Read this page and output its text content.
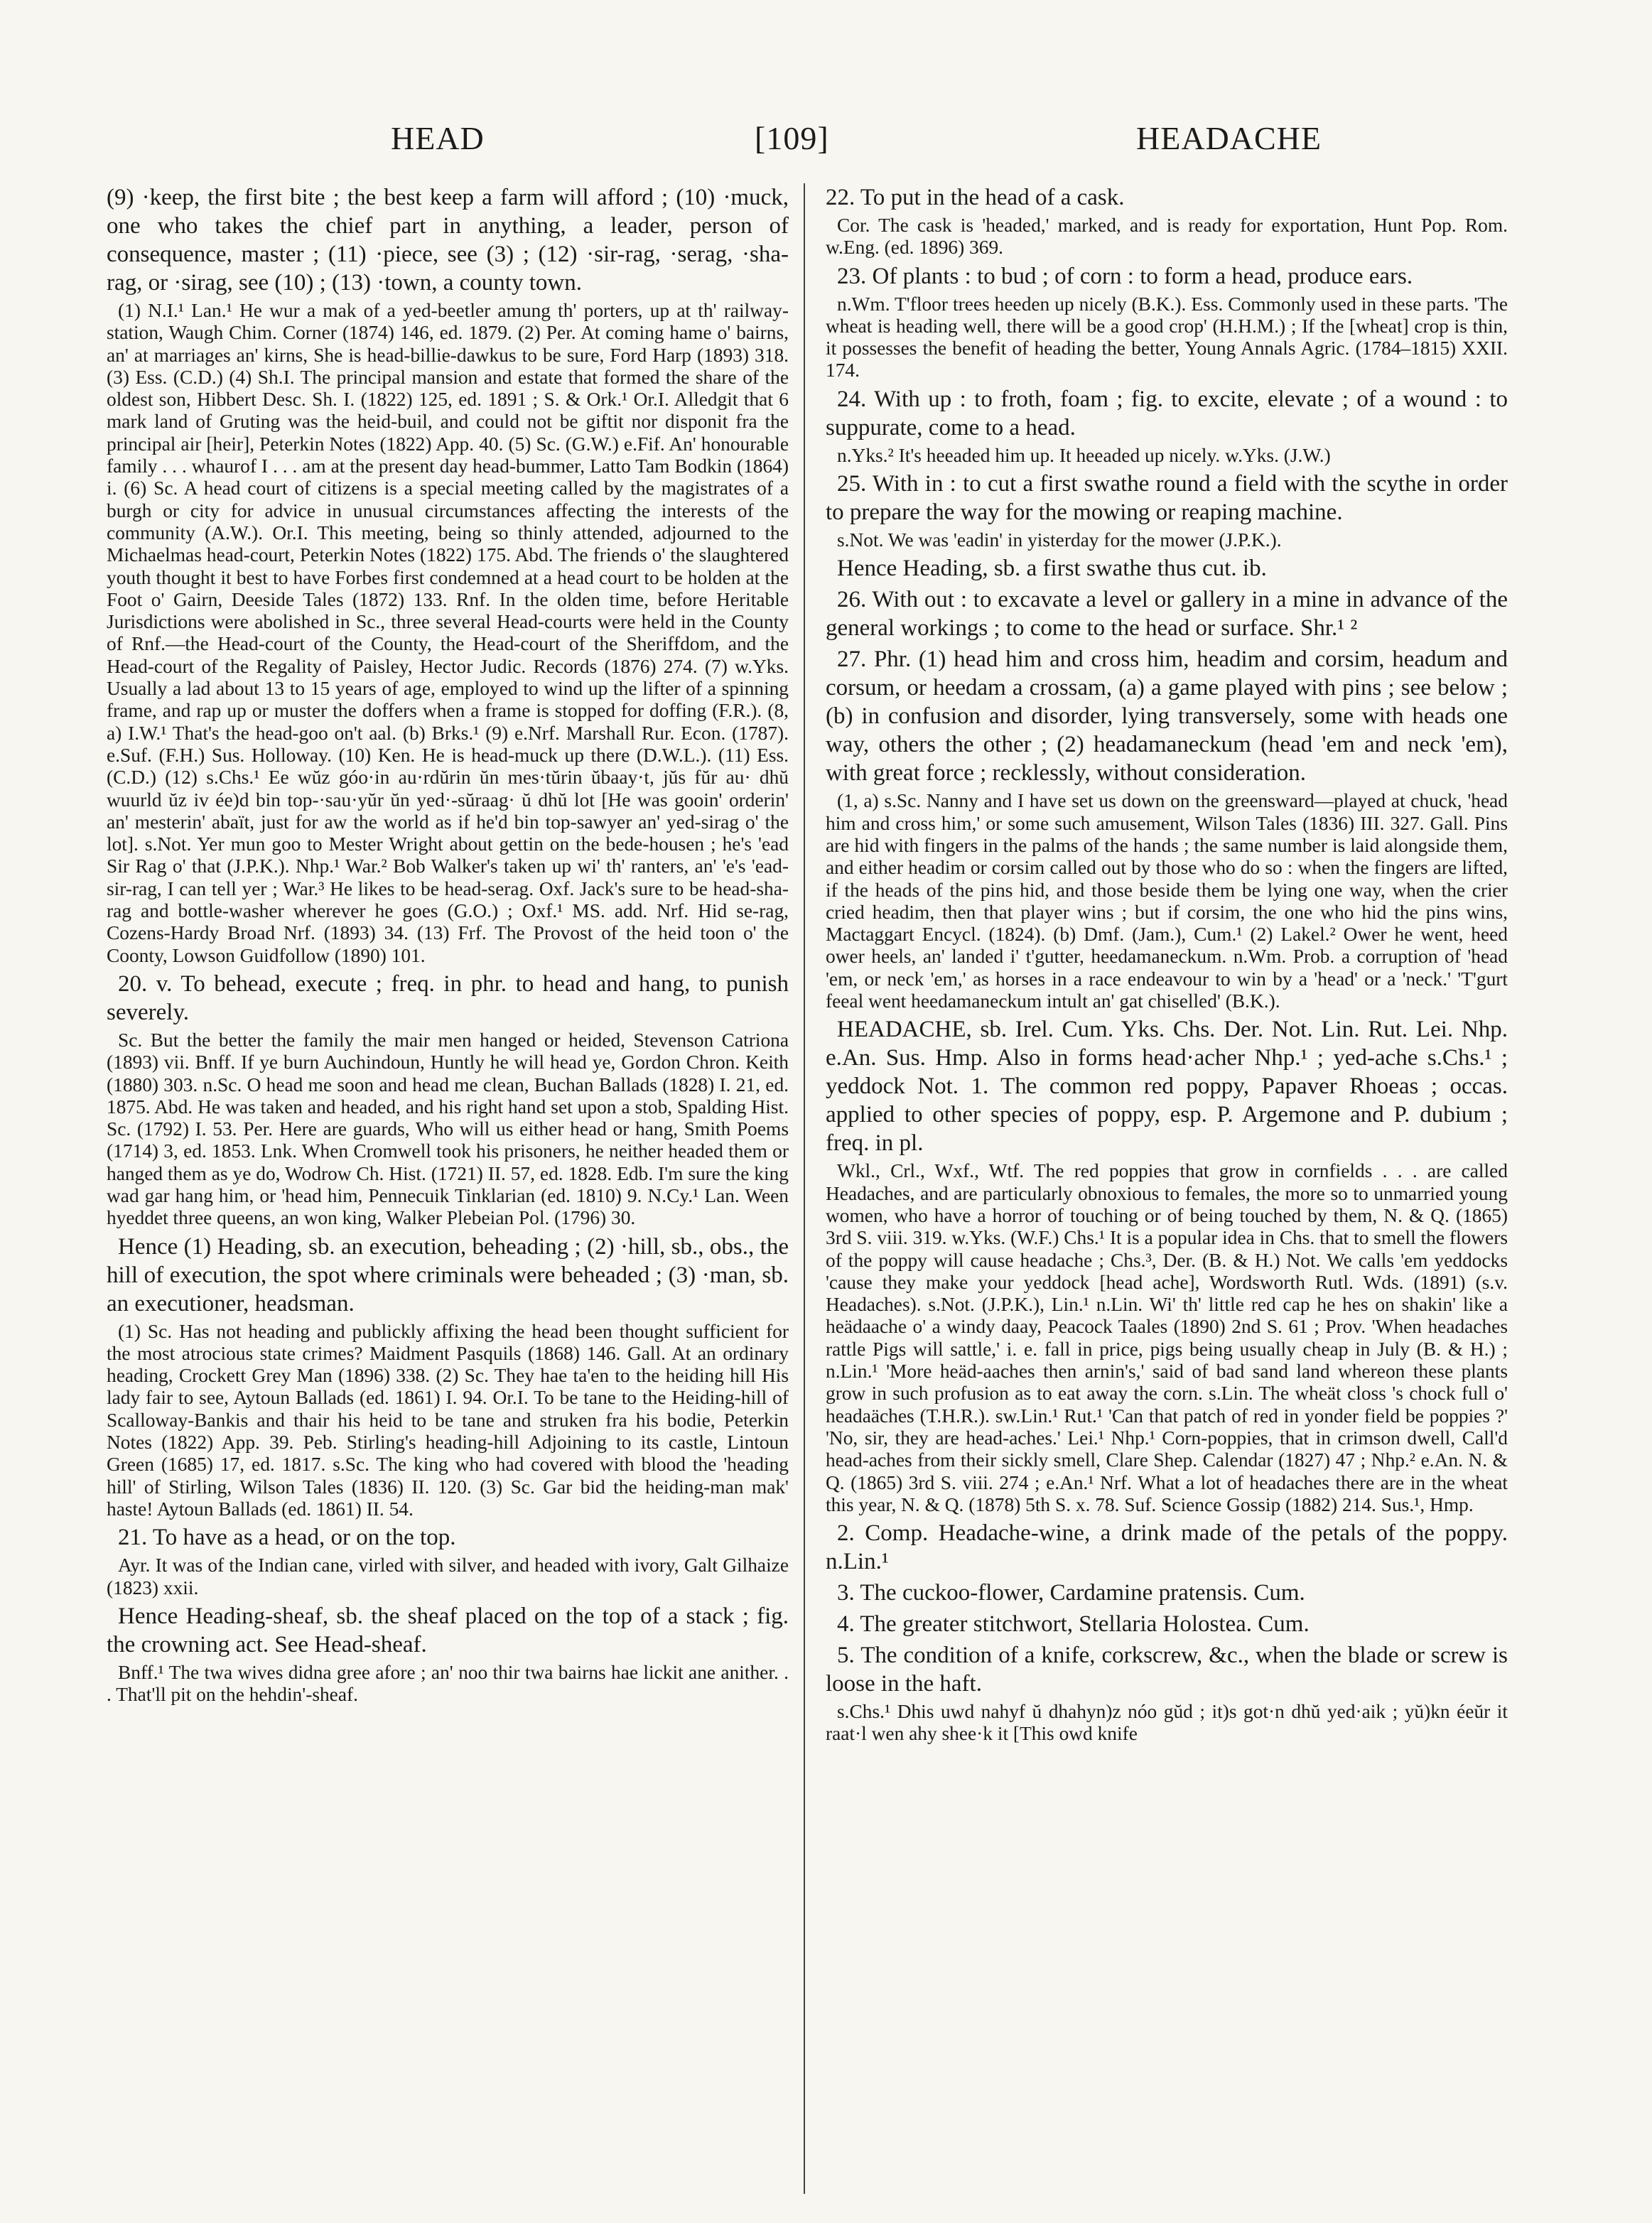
HEAD	[109]	HEADACHE

(9) ·keep, the first bite ; the best keep a farm will afford ; (10) ·muck, one who takes the chief part in anything, a leader, person of consequence, master ; (11) ·piece, see (3) ; (12) ·sir-rag, ·serag, ·sha-rag, or ·sirag, see (10) ; (13) ·town, a county town.

(1) N.I.¹ Lan.¹ He wur a mak of a yed-beetler amung th' porters, up at th' railway-station, Waugh Chim. Corner (1874) 146, ed. 1879. (2) Per. At coming hame o' bairns, an' at marriages an' kirns, She is head-billie-dawkus to be sure, Ford Harp (1893) 318. (3) Ess. (C.D.) (4) Sh.I. The principal mansion and estate that formed the share of the oldest son, Hibbert Desc. Sh. I. (1822) 125, ed. 1891 ; S. & Ork.¹ Or.I. Alledgit that 6 mark land of Gruting was the heid-buil, and could not be giftit nor disponit fra the principal air [heir], Peterkin Notes (1822) App. 40. (5) Sc. (G.W.) e.Fif. An' honourable family . . . whaurof I . . . am at the present day head-bummer, Latto Tam Bodkin (1864) i. (6) Sc. A head court of citizens is a special meeting called by the magistrates of a burgh or city for advice in unusual circumstances affecting the interests of the community (A.W.). Or.I. This meeting, being so thinly attended, adjourned to the Michaelmas head-court, Peterkin Notes (1822) 175. Abd. The friends o' the slaughtered youth thought it best to have Forbes first condemned at a head court to be holden at the Foot o' Gairn, Deeside Tales (1872) 133. Rnf. In the olden time, before Heritable Jurisdictions were abolished in Sc., three several Head-courts were held in the County of Rnf.—the Head-court of the County, the Head-court of the Sheriffdom, and the Head-court of the Regality of Paisley, Hector Judic. Records (1876) 274. (7) w.Yks. Usually a lad about 13 to 15 years of age, employed to wind up the lifter of a spinning frame, and rap up or muster the doffers when a frame is stopped for doffing (F.R.). (8, a) I.W.¹ That's the head-goo on't aal. (b) Brks.¹ (9) e.Nrf. Marshall Rur. Econ. (1787). e.Suf. (F.H.) Sus. Holloway. (10) Ken. He is head-muck up there (D.W.L.). (11) Ess. (C.D.) (12) s.Chs.¹ Ee wŭz góo·in au·rdŭrin ŭn mes·tŭrin ŭbaay·t, jŭs fŭr au· dhŭ wuurld ŭz iv ée)d bin top-·sau·yŭr ŭn yed·-sŭraag· ŭ dhŭ lot [He was gooin' orderin' an' mesterin' abaït, just for aw the world as if he'd bin top-sawyer an' yed-sirag o' the lot]. s.Not. Yer mun goo to Mester Wright about gettin on the bede-housen ; he's 'ead Sir Rag o' that (J.P.K.). Nhp.¹ War.² Bob Walker's taken up wi' th' ranters, an' 'e's 'ead-sir-rag, I can tell yer ; War.³ He likes to be head-serag. Oxf. Jack's sure to be head-sha-rag and bottle-washer wherever he goes (G.O.) ; Oxf.¹ MS. add. Nrf. Hid se-rag, Cozens-Hardy Broad Nrf. (1893) 34. (13) Frf. The Provost of the heid toon o' the Coonty, Lowson Guidfollow (1890) 101.

20. v. To behead, execute ; freq. in phr. to head and hang, to punish severely.

Sc. But the better the family the mair men hanged or heided, Stevenson Catriona (1893) vii. Bnff. If ye burn Auchindoun, Huntly he will head ye, Gordon Chron. Keith (1880) 303. n.Sc. O head me soon and head me clean, Buchan Ballads (1828) I. 21, ed. 1875. Abd. He was taken and headed, and his right hand set upon a stob, Spalding Hist. Sc. (1792) I. 53. Per. Here are guards, Who will us either head or hang, Smith Poems (1714) 3, ed. 1853. Lnk. When Cromwell took his prisoners, he neither headed them or hanged them as ye do, Wodrow Ch. Hist. (1721) II. 57, ed. 1828. Edb. I'm sure the king wad gar hang him, or 'head him, Pennecuik Tinklarian (ed. 1810) 9. N.Cy.¹ Lan. Ween hyeddet three queens, an won king, Walker Plebeian Pol. (1796) 30.

Hence (1) Heading, sb. an execution, beheading ; (2) ·hill, sb., obs., the hill of execution, the spot where criminals were beheaded ; (3) ·man, sb. an executioner, headsman.

(1) Sc. Has not heading and publickly affixing the head been thought sufficient for the most atrocious state crimes? Maidment Pasquils (1868) 146. Gall. At an ordinary heading, Crockett Grey Man (1896) 338. (2) Sc. They hae ta'en to the heiding hill His lady fair to see, Aytoun Ballads (ed. 1861) I. 94. Or.I. To be tane to the Heiding-hill of Scalloway-Bankis and thair his heid to be tane and struken fra his bodie, Peterkin Notes (1822) App. 39. Peb. Stirling's heading-hill Adjoining to its castle, Lintoun Green (1685) 17, ed. 1817. s.Sc. The king who had covered with blood the 'heading hill' of Stirling, Wilson Tales (1836) II. 120. (3) Sc. Gar bid the heiding-man mak' haste! Aytoun Ballads (ed. 1861) II. 54.

21. To have as a head, or on the top.

Ayr. It was of the Indian cane, virled with silver, and headed with ivory, Galt Gilhaize (1823) xxii.

Hence Heading-sheaf, sb. the sheaf placed on the top of a stack ; fig. the crowning act. See Head-sheaf.

Bnff.¹ The twa wives didna gree afore ; an' noo thir twa bairns hae lickit ane anither. . . That'll pit on the hehdin'-sheaf.

22. To put in the head of a cask.

Cor. The cask is 'headed,' marked, and is ready for exportation, Hunt Pop. Rom. w.Eng. (ed. 1896) 369.

23. Of plants : to bud ; of corn : to form a head, produce ears.

n.Wm. T'floor trees heeden up nicely (B.K.). Ess. Commonly used in these parts. 'The wheat is heading well, there will be a good crop' (H.H.M.) ; If the [wheat] crop is thin, it possesses the benefit of heading the better, Young Annals Agric. (1784–1815) XXII. 174.

24. With up : to froth, foam ; fig. to excite, elevate ; of a wound : to suppurate, come to a head.

n.Yks.² It's heeaded him up. It heeaded up nicely. w.Yks. (J.W.)

25. With in : to cut a first swathe round a field with the scythe in order to prepare the way for the mowing or reaping machine.

s.Not. We was 'eadin' in yisterday for the mower (J.P.K.).

Hence Heading, sb. a first swathe thus cut. ib.

26. With out : to excavate a level or gallery in a mine in advance of the general workings ; to come to the head or surface. Shr.¹ ²

27. Phr. (1) head him and cross him, headim and corsim, headum and corsum, or heedam a crossam, (a) a game played with pins ; see below ; (b) in confusion and disorder, lying transversely, some with heads one way, others the other ; (2) headamaneckum (head 'em and neck 'em), with great force ; recklessly, without consideration.

(1, a) s.Sc. Nanny and I have set us down on the greensward—played at chuck, 'head him and cross him,' or some such amusement, Wilson Tales (1836) III. 327. Gall. Pins are hid with fingers in the palms of the hands ; the same number is laid alongside them, and either headim or corsim called out by those who do so : when the fingers are lifted, if the heads of the pins hid, and those beside them be lying one way, when the crier cried headim, then that player wins ; but if corsim, the one who hid the pins wins, Mactaggart Encycl. (1824). (b) Dmf. (Jam.), Cum.¹ (2) Lakel.² Ower he went, heed ower heels, an' landed i' t'gutter, heedamaneckum. n.Wm. Prob. a corruption of 'head 'em, or neck 'em,' as horses in a race endeavour to win by a 'head' or a 'neck.' 'T'gurt feeal went heedamaneckum intult an' gat chiselled' (B.K.).

HEADACHE, sb. Irel. Cum. Yks. Chs. Der. Not. Lin. Rut. Lei. Nhp. e.An. Sus. Hmp. Also in forms head·acher Nhp.¹ ; yed-ache s.Chs.¹ ; yeddock Not. 1. The common red poppy, Papaver Rhoeas ; occas. applied to other species of poppy, esp. P. Argemone and P. dubium ; freq. in pl.

Wkl., Crl., Wxf., Wtf. The red poppies that grow in cornfields . . . are called Headaches, and are particularly obnoxious to females, the more so to unmarried young women, who have a horror of touching or of being touched by them, N. & Q. (1865) 3rd S. viii. 319. w.Yks. (W.F.) Chs.¹ It is a popular idea in Chs. that to smell the flowers of the poppy will cause headache ; Chs.³, Der. (B. & H.) Not. We calls 'em yeddocks 'cause they make your yeddock [head ache], Wordsworth Rutl. Wds. (1891) (s.v. Headaches). s.Not. (J.P.K.), Lin.¹ n.Lin. Wi' th' little red cap he hes on shakin' like a heädaache o' a windy daay, Peacock Taales (1890) 2nd S. 61 ; Prov. 'When headaches rattle Pigs will sattle,' i. e. fall in price, pigs being usually cheap in July (B. & H.) ; n.Lin.¹ 'More heäd-aaches then arnin's,' said of bad sand land whereon these plants grow in such profusion as to eat away the corn. s.Lin. The wheät closs 's chock full o' headaäches (T.H.R.). sw.Lin.¹ Rut.¹ 'Can that patch of red in yonder field be poppies ?' 'No, sir, they are head-aches.' Lei.¹ Nhp.¹ Corn-poppies, that in crimson dwell, Call'd head-aches from their sickly smell, Clare Shep. Calendar (1827) 47 ; Nhp.² e.An. N. & Q. (1865) 3rd S. viii. 274 ; e.An.¹ Nrf. What a lot of headaches there are in the wheat this year, N. & Q. (1878) 5th S. x. 78. Suf. Science Gossip (1882) 214. Sus.¹, Hmp.

2. Comp. Headache-wine, a drink made of the petals of the poppy. n.Lin.¹

3. The cuckoo-flower, Cardamine pratensis. Cum.

4. The greater stitchwort, Stellaria Holostea. Cum.

5. The condition of a knife, corkscrew, &c., when the blade or screw is loose in the haft.

s.Chs.¹ Dhis uwd nahyf ŭ dhahyn)z nóo gŭd ; it)s got·n dhŭ yed·aik ; yŭ)kn éeŭr it raat·l wen ahy shee·k it [This owd knife
